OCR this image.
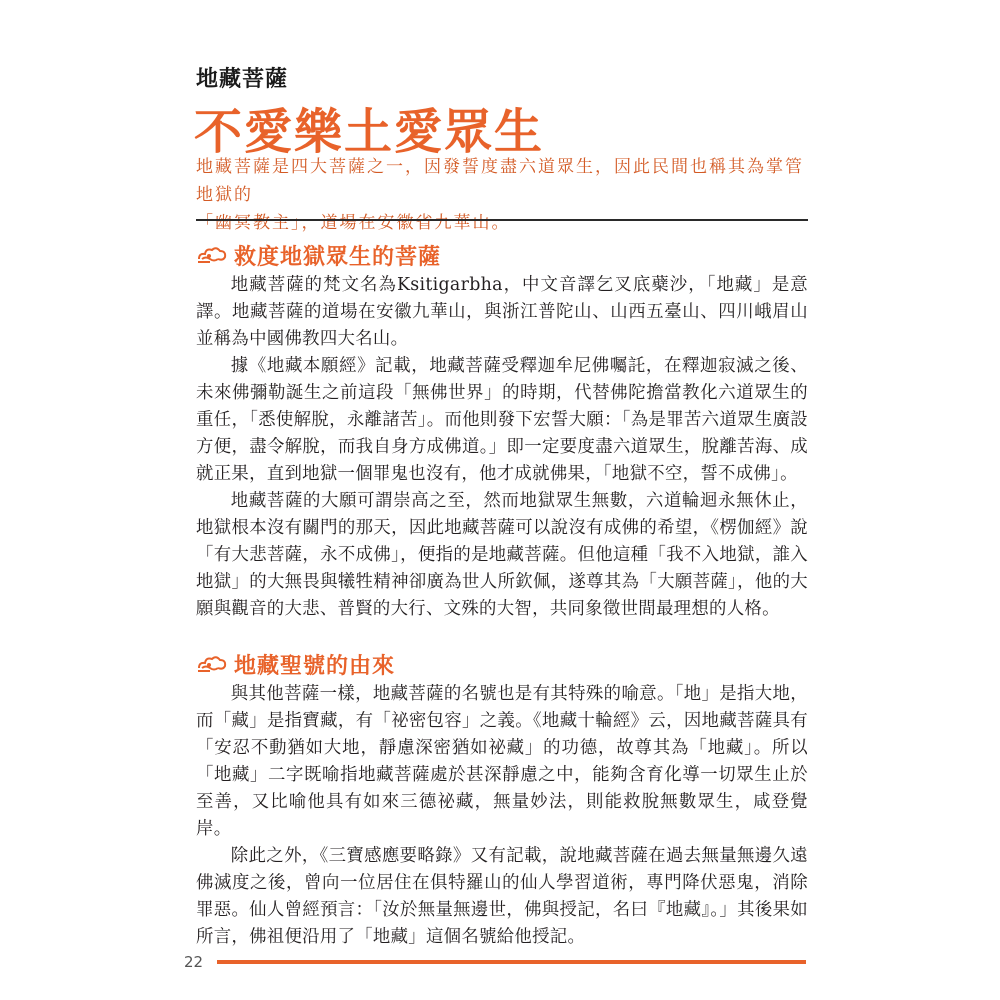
地藏菩薩
不愛樂土愛眾生

地藏菩薩是四大菩薩之一，因發誓度盡六道眾生，因此民間也稱其為掌管地獄的

「幽冥教主」，道場在安徽省九華山。

救度地獄眾生的菩薩

地藏菩薩的梵文名為Ksitigarbha，中文音譯乞叉底蘗沙，「地藏」是意譯。地藏菩薩的道場在安徽九華山，與浙江普陀山、山西五臺山、四川峨眉山並稱為中國佛教四大名山。

據《地藏本願經》記載，地藏菩薩受釋迦牟尼佛囑託，在釋迦寂滅之後、未來佛彌勒誕生之前這段「無佛世界」的時期，代替佛陀擔當教化六道眾生的重任，「悉使解脫，永離諸苦」。而他則發下宏誓大願：「為是罪苦六道眾生廣設方便，盡令解脫，而我自身方成佛道。」即一定要度盡六道眾生，脫離苦海、成就正果，直到地獄一個罪鬼也沒有，他才成就佛果，「地獄不空，誓不成佛」。

地藏菩薩的大願可謂崇高之至，然而地獄眾生無數，六道輪迴永無休止，地獄根本沒有關門的那天，因此地藏菩薩可以說沒有成佛的希望，《楞伽經》說「有大悲菩薩，永不成佛」，便指的是地藏菩薩。但他這種「我不入地獄，誰入地獄」的大無畏與犧牲精神卻廣為世人所欽佩，遂尊其為「大願菩薩」，他的大願與觀音的大悲、普賢的大行、文殊的大智，共同象徵世間最理想的人格。

地藏聖號的由來

與其他菩薩一樣，地藏菩薩的名號也是有其特殊的喻意。「地」是指大地，而「藏」是指寶藏，有「祕密包容」之義。《地藏十輪經》云，因地藏菩薩具有「安忍不動猶如大地，靜慮深密猶如祕藏」的功德，故尊其為「地藏」。所以「地藏」二字既喻指地藏菩薩處於甚深靜慮之中，能夠含育化導一切眾生止於至善，又比喻他具有如來三德祕藏，無量妙法，則能救脫無數眾生，咸登覺岸。

除此之外，《三寶感應要略錄》又有記載，說地藏菩薩在過去無量無邊久遠佛滅度之後，曾向一位居住在俱特羅山的仙人學習道術，專門降伏惡鬼，消除罪惡。仙人曾經預言：「汝於無量無邊世，佛與授記，名曰『地藏』。」其後果如所言，佛祖便沿用了「地藏」這個名號給他授記。

22
